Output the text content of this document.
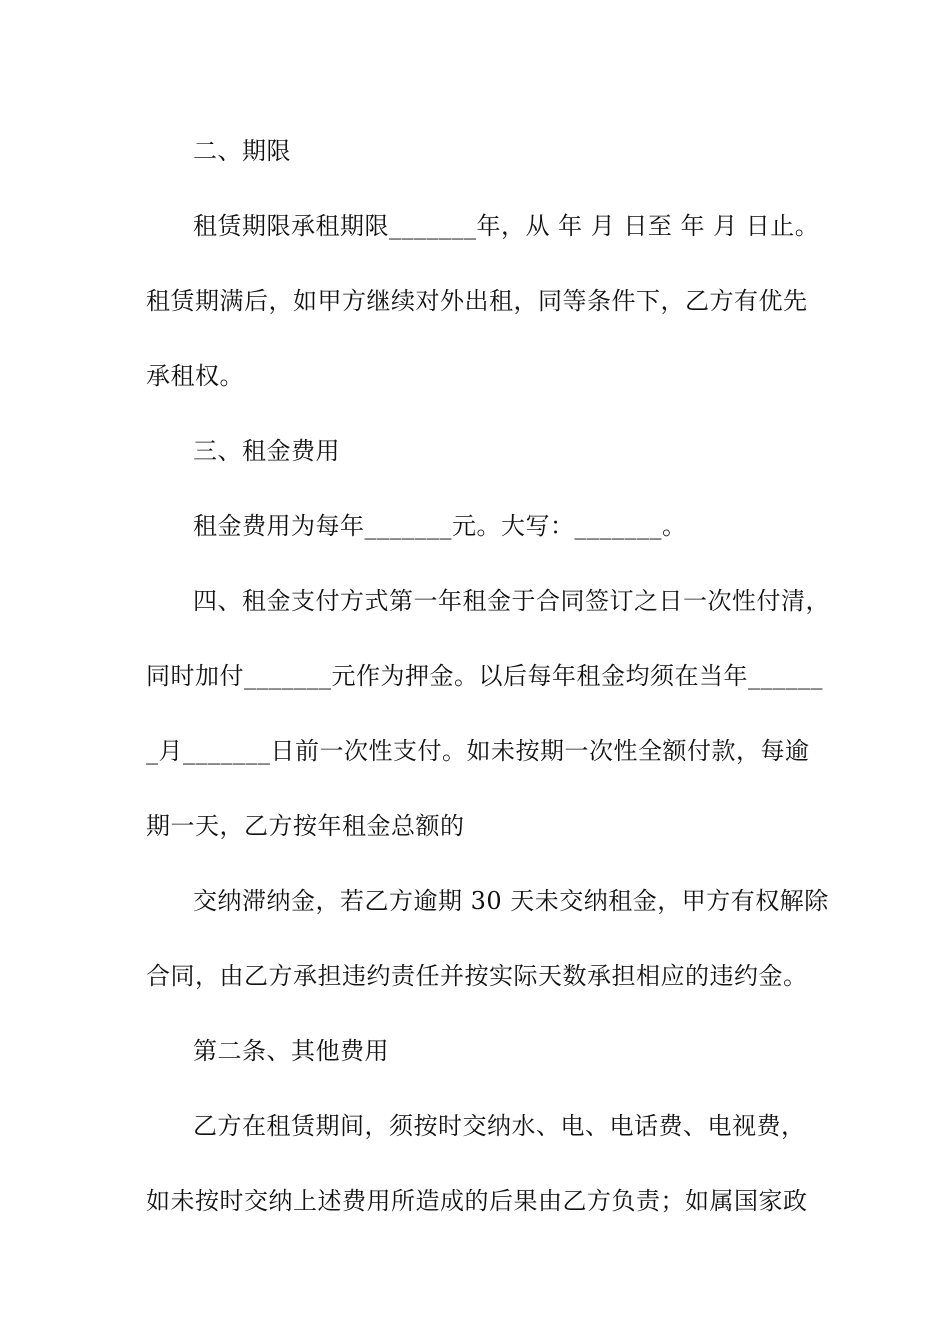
二、期限
租赁期限承租期限_______年，从 年 月 日至 年 月 日止。
租赁期满后，如甲方继续对外出租，同等条件下，乙方有优先
承租权。
三、租金费用
租金费用为每年_______元。大写：_______。
四、租金支付方式第一年租金于合同签订之日一次性付清，
同时加付_______元作为押金。以后每年租金均须在当年______
_月_______日前一次性支付。如未按期一次性全额付款，每逾
期一天，乙方按年租金总额的
交纳滞纳金，若乙方逾期 30 天未交纳租金，甲方有权解除
合同，由乙方承担违约责任并按实际天数承担相应的违约金。
第二条、其他费用
乙方在租赁期间，须按时交纳水、电、电话费、电视费，
如未按时交纳上述费用所造成的后果由乙方负责；如属国家政
